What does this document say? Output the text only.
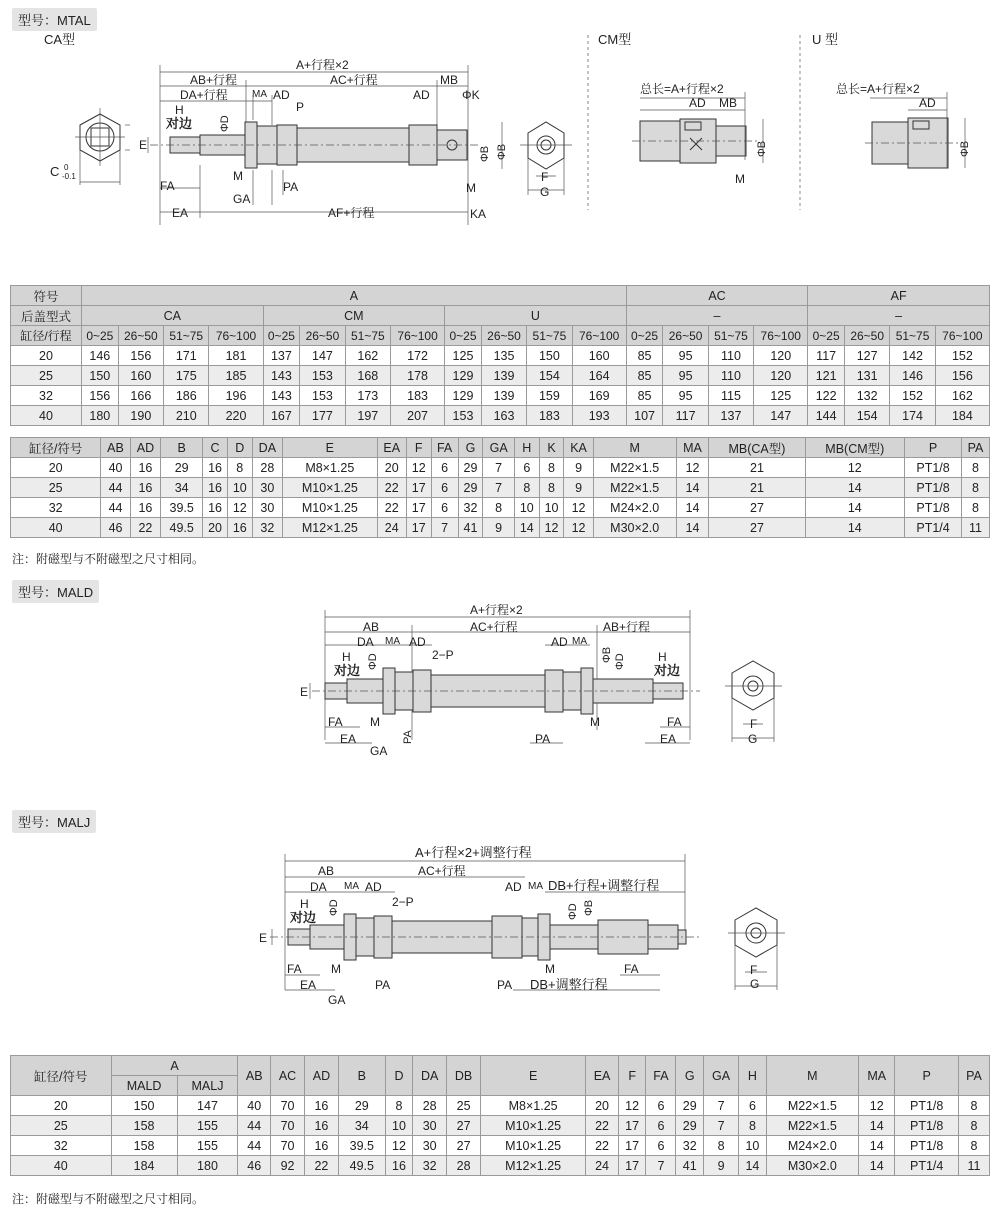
型号：MTAL
CA型	CM型	U 型
A+行程×2
AB+行程	AC+行程	MB
DA+行程 MA AD	AD	ΦK
P
H
对边 ΦD
E
ΦB
C 0
-0.1
FA	PA
M
GA
M
EA	AF+行程	KA
F
G
ΦB
总长=A+行程×2
AD MB
ΦB
M
总长=A+行程×2
AD
ΦB
符号	A												AC				AF			
后盖型式	CA				CM				U				–				–			
缸径/行程	0~25	26~50	51~75	76~100	0~25	26~50	51~75	76~100	0~25	26~50	51~75	76~100	0~25	26~50	51~75	76~100	0~25	26~50	51~75	76~100
20	146	156	171	181	137	147	162	172	125	135	150	160	85	95	110	120	117	127	142	152
25	150	160	175	185	143	153	168	178	129	139	154	164	85	95	110	120	121	131	146	156
32	156	166	186	196	143	153	173	183	129	139	159	169	85	95	115	125	122	132	152	162
40	180	190	210	220	167	177	197	207	153	163	183	193	107	117	137	147	144	154	174	184
缸径/符号	AB	AD	B	C	D	DA	E	EA	F	FA	G	GA	H	K	KA	M	MA	MB(CA型)	MB(CM型)	P	PA
20	40	16	29	16	8	28	M8×1.25	20	12	6	29	7	6	8	9	M22×1.5	12	21	12	PT1/8	8
25	44	16	34	16	10	30	M10×1.25	22	17	6	29	7	8	8	9	M22×1.5	14	21	14	PT1/8	8
32	44	16	39.5	16	12	30	M10×1.25	22	17	6	32	8	10	10	12	M24×2.0	14	27	14	PT1/8	8
40	46	22	49.5	20	16	32	M12×1.25	24	17	7	41	9	14	12	12	M30×2.0	14	27	14	PT1/4	11
注：附磁型与不附磁型之尺寸相同。
型号：MALD
A+行程×2
AB	AC+行程	AB+行程
DA MA AD	AD MA
2−P
H	H
对边	对边
ΦD	ΦD
ΦB
E
FA M	M	FA
EA	EA
PA
GA
PA
F
G
型号：MALJ
A+行程×2+调整行程
AB	AC+行程
DA MA AD	AD MA DB+行程+调整行程
2−P
H
对边
ΦD	ΦD ΦB
E
FA M	M	FA
EA	PA	PA DB+调整行程
GA
F
G
缸径/符号	A		AB	AC	AD	B	D	DA	DB	E	EA	F	FA	G	GA	H	M	MA	P	PA
	MALD	MALJ																		
20	150	147	40	70	16	29	8	28	25	M8×1.25	20	12	6	29	7	6	M22×1.5	12	PT1/8	8
25	158	155	44	70	16	34	10	30	27	M10×1.25	22	17	6	29	7	8	M22×1.5	14	PT1/8	8
32	158	155	44	70	16	39.5	12	30	27	M10×1.25	22	17	6	32	8	10	M24×2.0	14	PT1/8	8
40	184	180	46	92	22	49.5	16	32	28	M12×1.25	24	17	7	41	9	14	M30×2.0	14	PT1/4	11
注：附磁型与不附磁型之尺寸相同。
